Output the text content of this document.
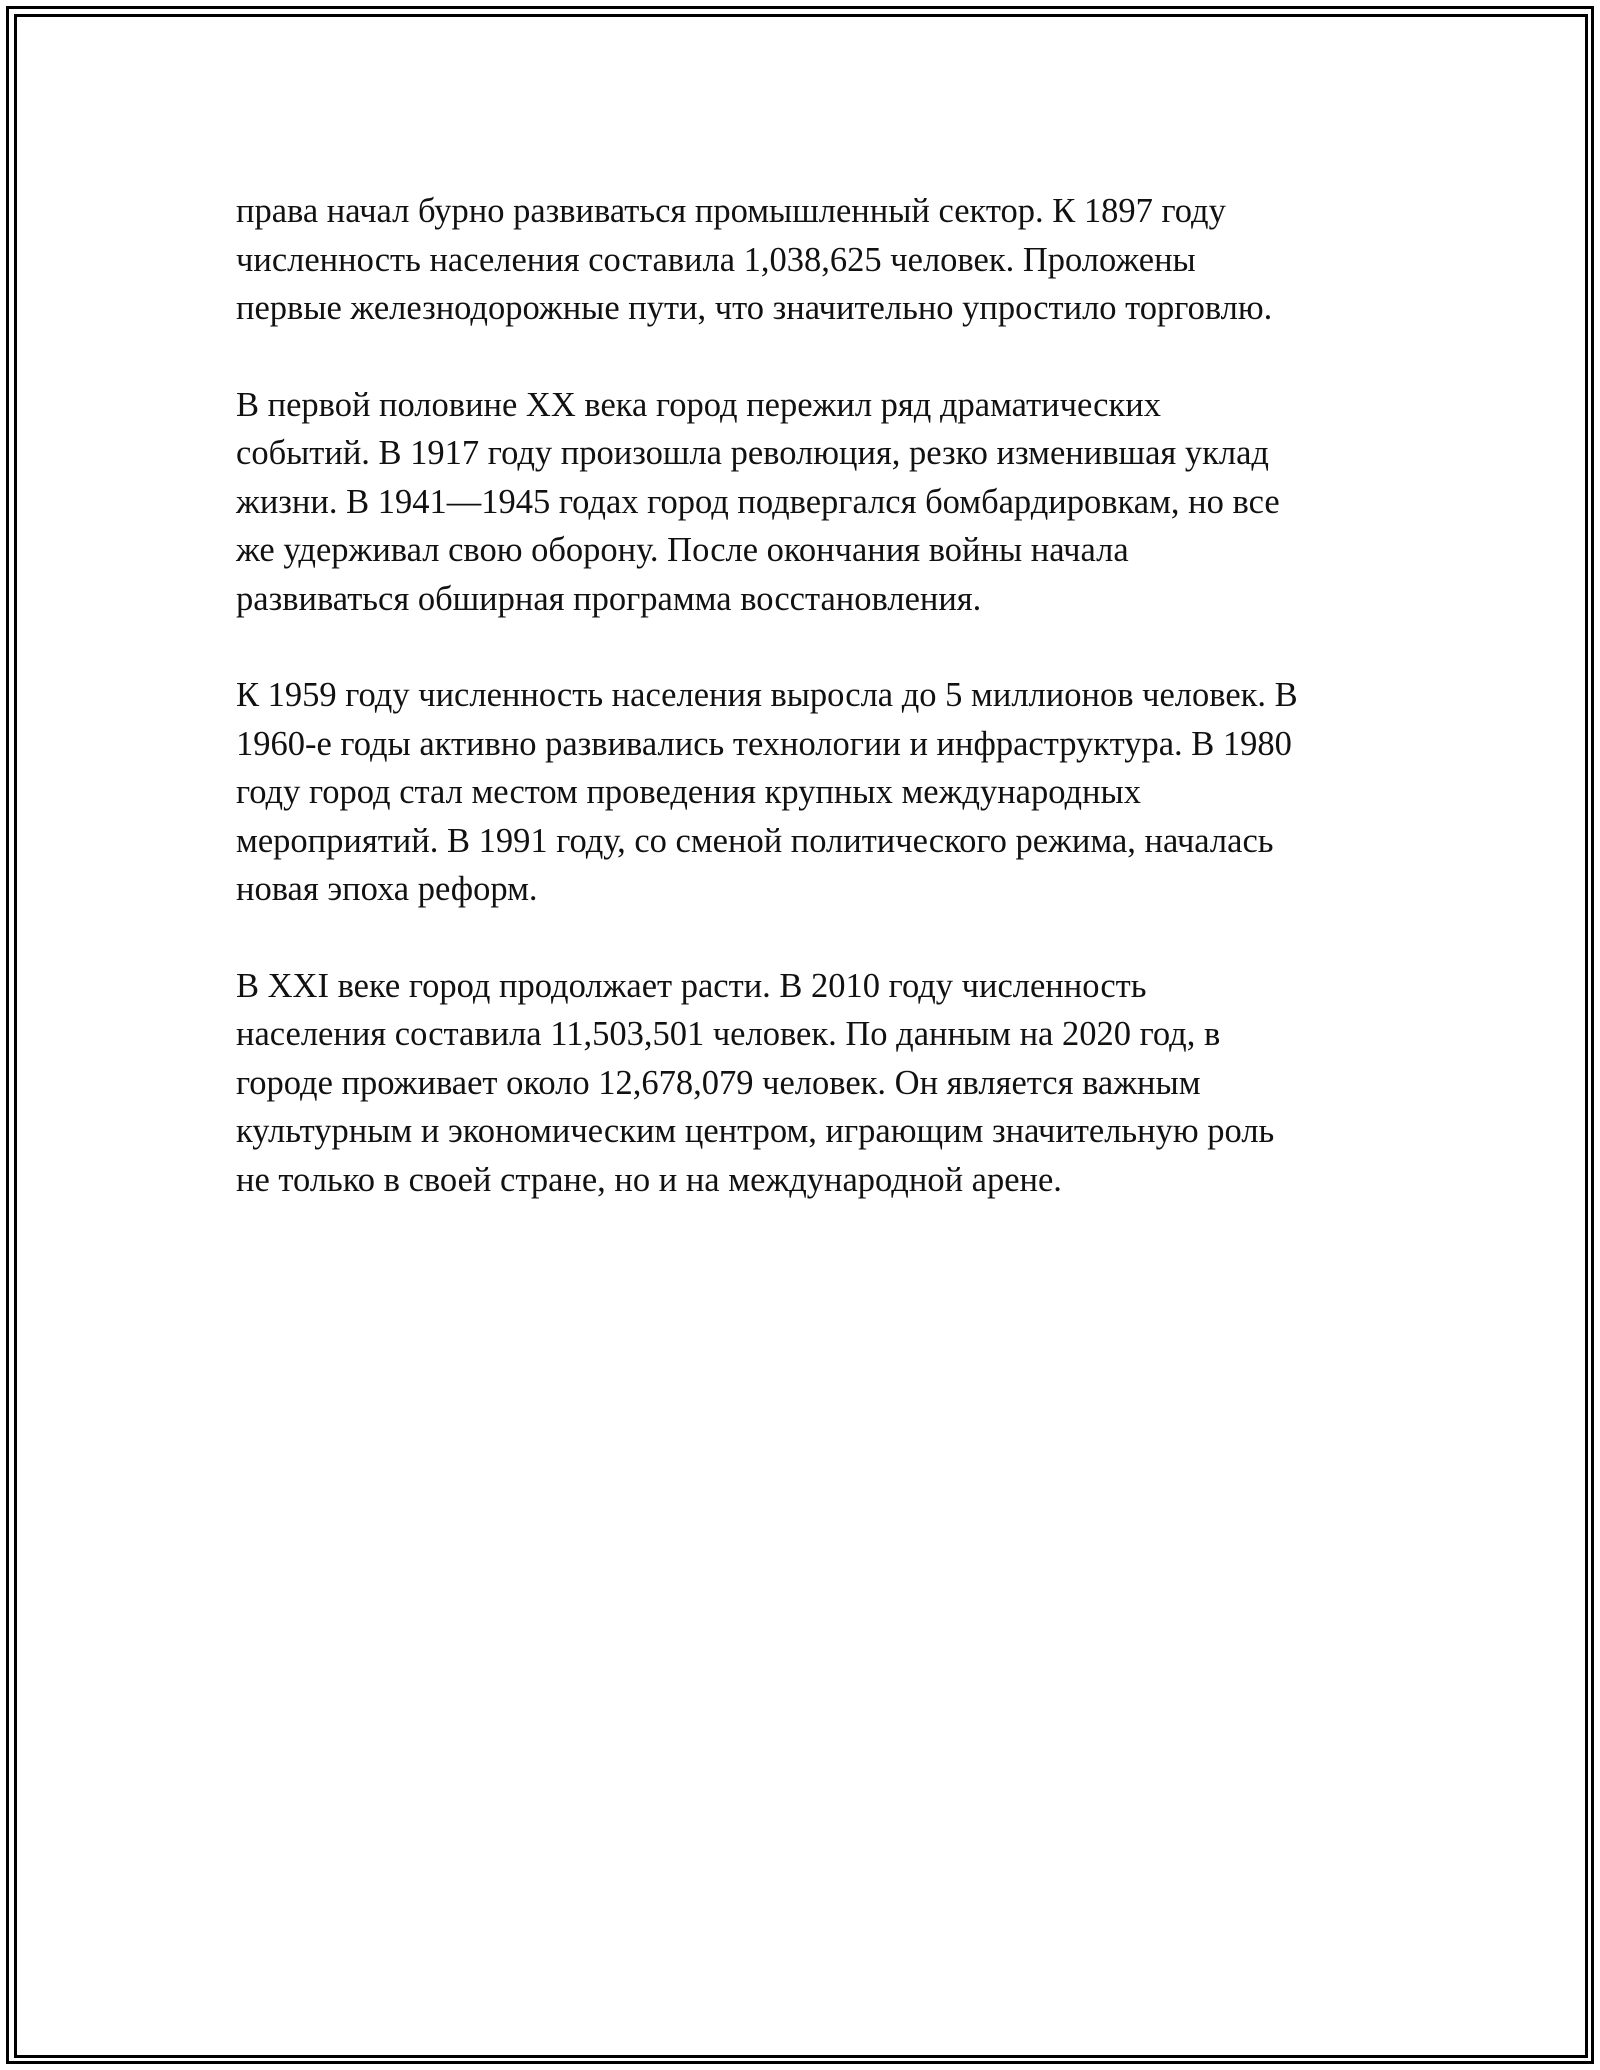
права начал бурно развиваться промышленный сектор. К 1897 году
численность населения составила 1,038,625 человек. Проложены
первые железнодорожные пути, что значительно упростило торговлю.

В первой половине XX века город пережил ряд драматических
событий. В 1917 году произошла революция, резко изменившая уклад
жизни. В 1941—1945 годах город подвергался бомбардировкам, но все
же удерживал свою оборону. После окончания войны начала
развиваться обширная программа восстановления.

К 1959 году численность населения выросла до 5 миллионов человек. В
1960-е годы активно развивались технологии и инфраструктура. В 1980
году город стал местом проведения крупных международных
мероприятий. В 1991 году, со сменой политического режима, началась
новая эпоха реформ.

В XXI веке город продолжает расти. В 2010 году численность
населения составила 11,503,501 человек. По данным на 2020 год, в
городе проживает около 12,678,079 человек. Он является важным
культурным и экономическим центром, играющим значительную роль
не только в своей стране, но и на международной арене.
